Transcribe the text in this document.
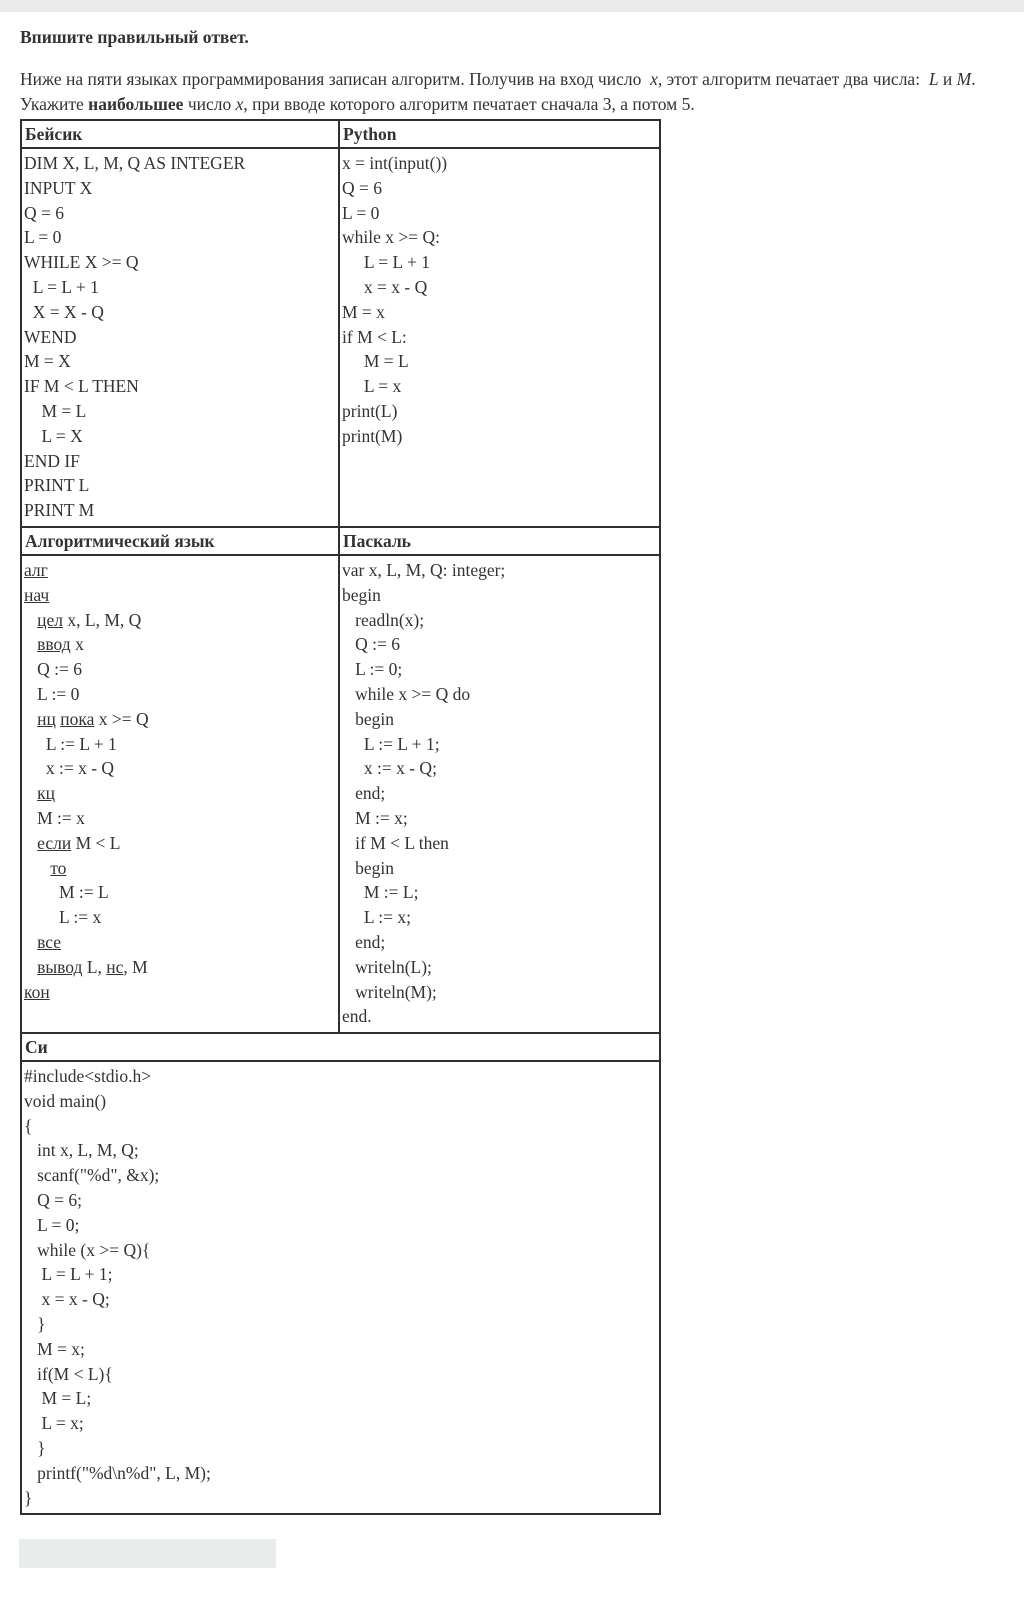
Впишите правильный ответ.
Ниже на пяти языках программирования записан алгоритм. Получив на вход число  x, этот алгоритм печатает два числа:  L и M.
Укажите наибольшее число x, при вводе которого алгоритм печатает сначала 3, а потом 5.
Бейсик	Python

DIM X, L, M, Q AS INTEGER
INPUT X
Q = 6
L = 0
WHILE X >= Q
L = L + 1
X = X - Q
WEND
M = X
IF M < L THEN
M = L
L = X
END IF
PRINT L
PRINT M

x = int(input())
Q = 6
L = 0
while x >= Q:
L = L + 1
x = x - Q
M = x
if M < L:
M = L
L = x
print(L)
print(M)

Алгоритмический язык	Паскаль

алг
нач
цел x, L, M, Q
ввод x
Q := 6
L := 0
нц пока x >= Q
L := L + 1
x := x - Q
кц
M := x
если M < L
то
M := L
L := x
все
вывод L, нс, M
кон

var x, L, M, Q: integer;
begin
readln(x);
Q := 6
L := 0;
while x >= Q do
begin
L := L + 1;
x := x - Q;
end;
M := x;
if M < L then
begin
M := L;
L := x;
end;
writeln(L);
writeln(M);
end.

Си	

#include<stdio.h>
void main()
{
int x, L, M, Q;
scanf("%d", &x);
Q = 6;
L = 0;
while (x >= Q){
L = L + 1;
x = x - Q;
}
M = x;
if(M < L){
M = L;
L = x;
}
printf("%d\n%d", L, M);
}
